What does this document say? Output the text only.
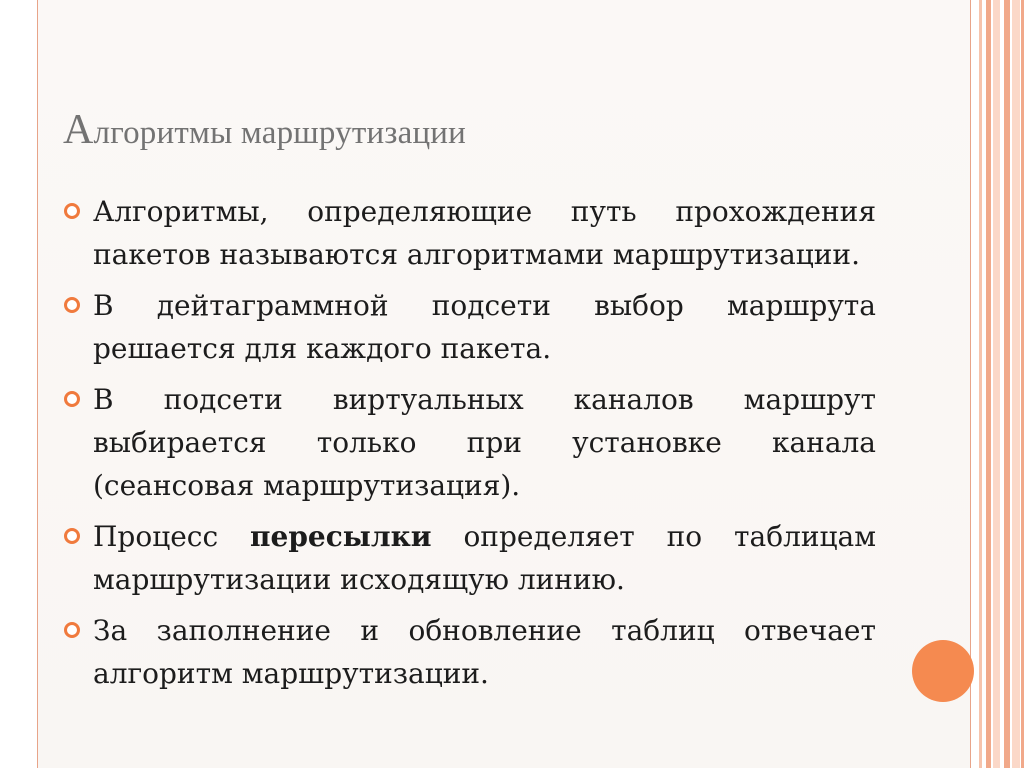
Алгоритмы маршрутизации
Алгоритмы, определяющие путь прохождения пакетов называются алгоритмами маршрутизации.
В дейтаграммной подсети выбор маршрута решается для каждого пакета.
В подсети виртуальных каналов маршрут выбирается только при установке канала (сеансовая маршрутизация).
Процесс пересылки определяет по таблицам маршрутизации исходящую линию.
За заполнение и обновление таблиц отвечает алгоритм маршрутизации.
